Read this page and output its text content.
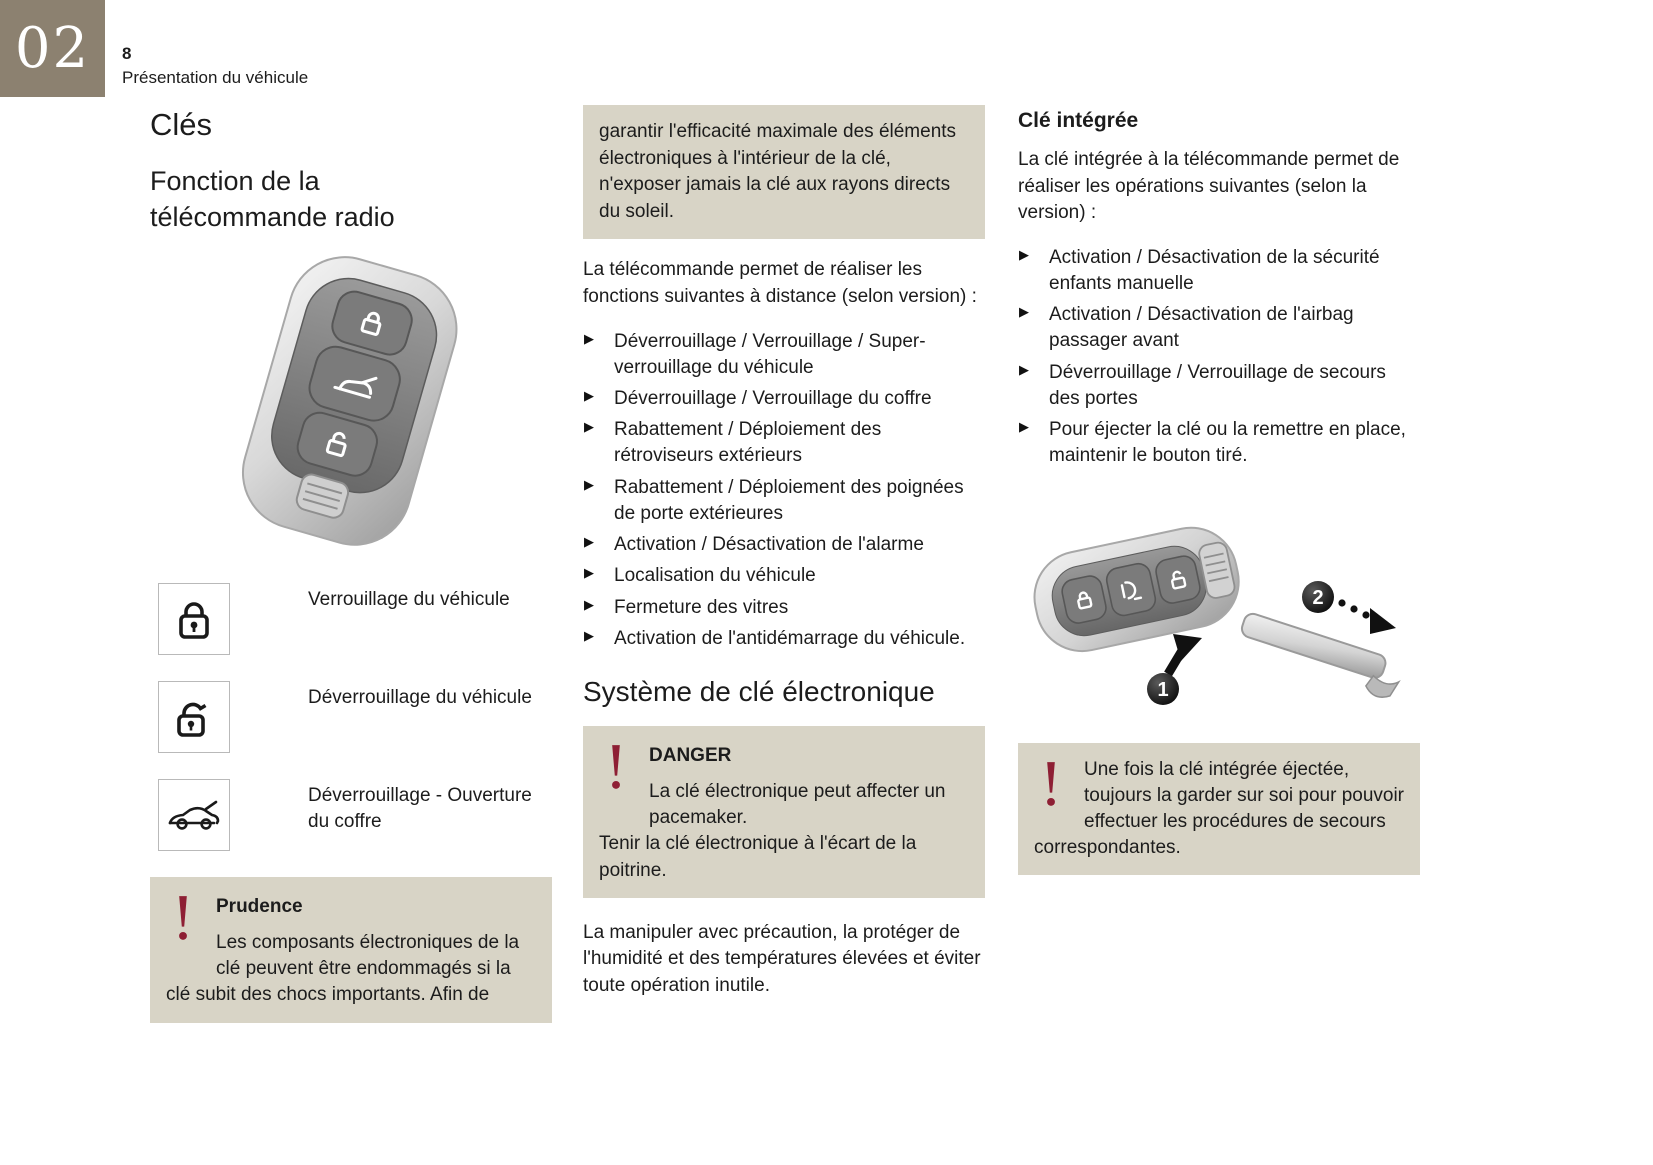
02 8
Présentation du véhicule
Clés
Fonction de la télécommande radio
Verrouillage du véhicule
Déverrouillage du véhicule
Déverrouillage - Ouverture du coffre
Prudence

Les composants électroniques de la clé peuvent être endommagés si la clé subit des chocs importants. Afin de

garantir l'efficacité maximale des éléments électroniques à l'intérieur de la clé, n'exposer jamais la clé aux rayons directs du soleil.

La télécommande permet de réaliser les fonctions suivantes à distance (selon version) :

▶ Déverrouillage / Verrouillage / Super-verrouillage du véhicule
▶ Déverrouillage / Verrouillage du coffre
▶ Rabattement / Déploiement des rétroviseurs extérieurs
▶ Rabattement / Déploiement des poignées de porte extérieures
▶ Activation / Désactivation de l'alarme
▶ Localisation du véhicule
▶ Fermeture des vitres
▶ Activation de l'antidémarrage du véhicule.
Système de clé électronique
DANGER

La clé électronique peut affecter un pacemaker.

Tenir la clé électronique à l'écart de la poitrine.

La manipuler avec précaution, la protéger de l'humidité et des températures élevées et éviter toute opération inutile.

Clé intégrée

La clé intégrée à la télécommande permet de réaliser les opérations suivantes (selon la version) :

▶ Activation / Désactivation de la sécurité enfants manuelle
▶ Activation / Désactivation de l'airbag passager avant
▶ Déverrouillage / Verrouillage de secours des portes
▶ Pour éjecter la clé ou la remettre en place, maintenir le bouton tiré.
1
2

Une fois la clé intégrée éjectée, toujours la garder sur soi pour pouvoir effectuer les procédures de secours correspondantes.
